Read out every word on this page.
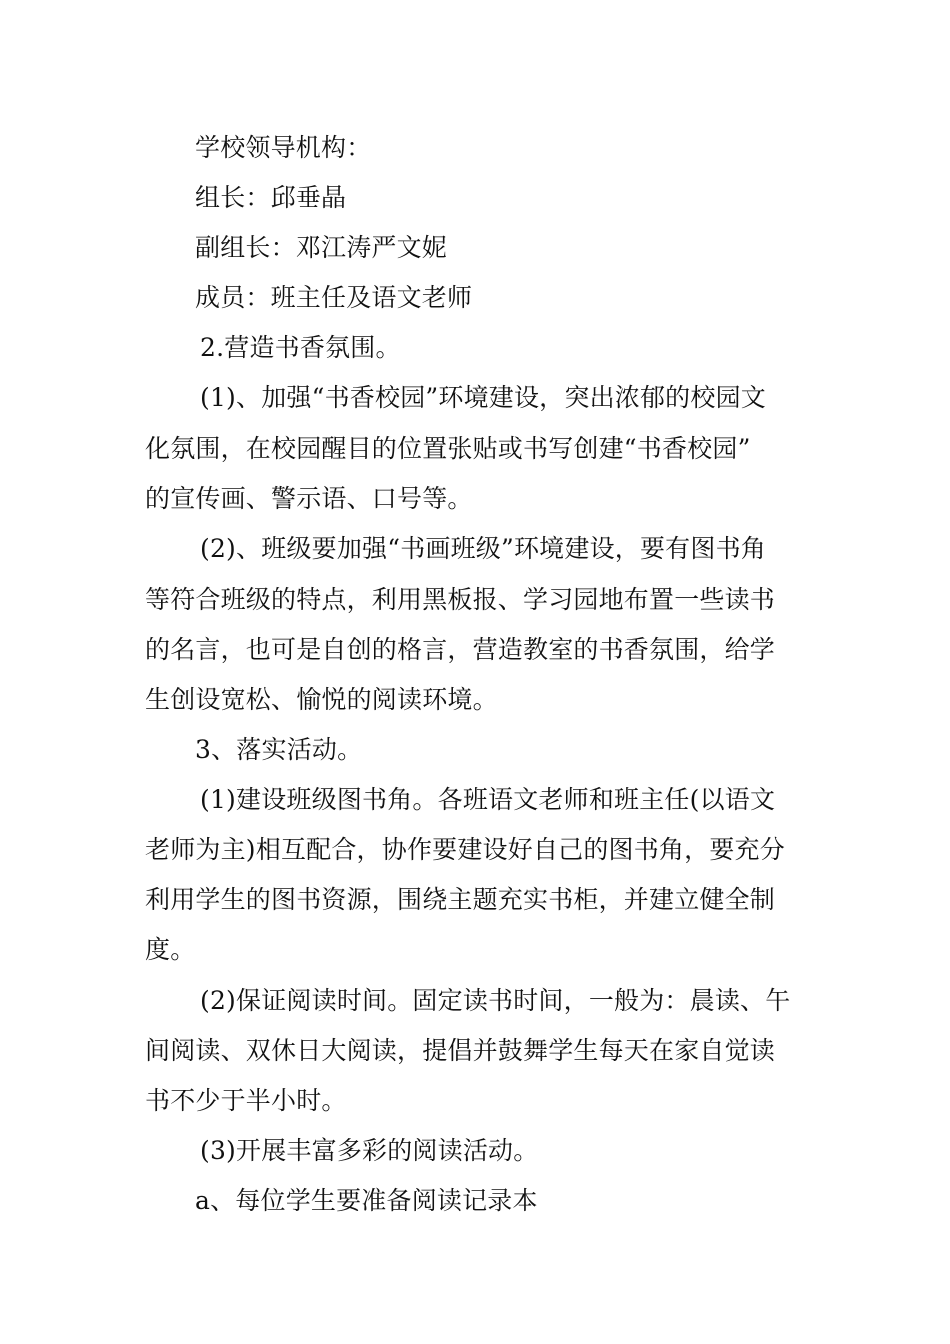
学校领导机构：
组长：邱垂晶
副组长：邓江涛严文妮
成员：班主任及语文老师
2.营造书香氛围。
(1)、加强“书香校园”环境建设，突出浓郁的校园文
化氛围，在校园醒目的位置张贴或书写创建“书香校园”
的宣传画、警示语、口号等。
(2)、班级要加强“书画班级”环境建设，要有图书角
等符合班级的特点，利用黑板报、学习园地布置一些读书
的名言，也可是自创的格言，营造教室的书香氛围，给学
生创设宽松、愉悦的阅读环境。
3、落实活动。
(1)建设班级图书角。各班语文老师和班主任(以语文
老师为主)相互配合，协作要建设好自己的图书角，要充分
利用学生的图书资源，围绕主题充实书柜，并建立健全制
度。
(2)保证阅读时间。固定读书时间，一般为：晨读、午
间阅读、双休日大阅读，提倡并鼓舞学生每天在家自觉读
书不少于半小时。
(3)开展丰富多彩的阅读活动。
a、每位学生要准备阅读记录本
